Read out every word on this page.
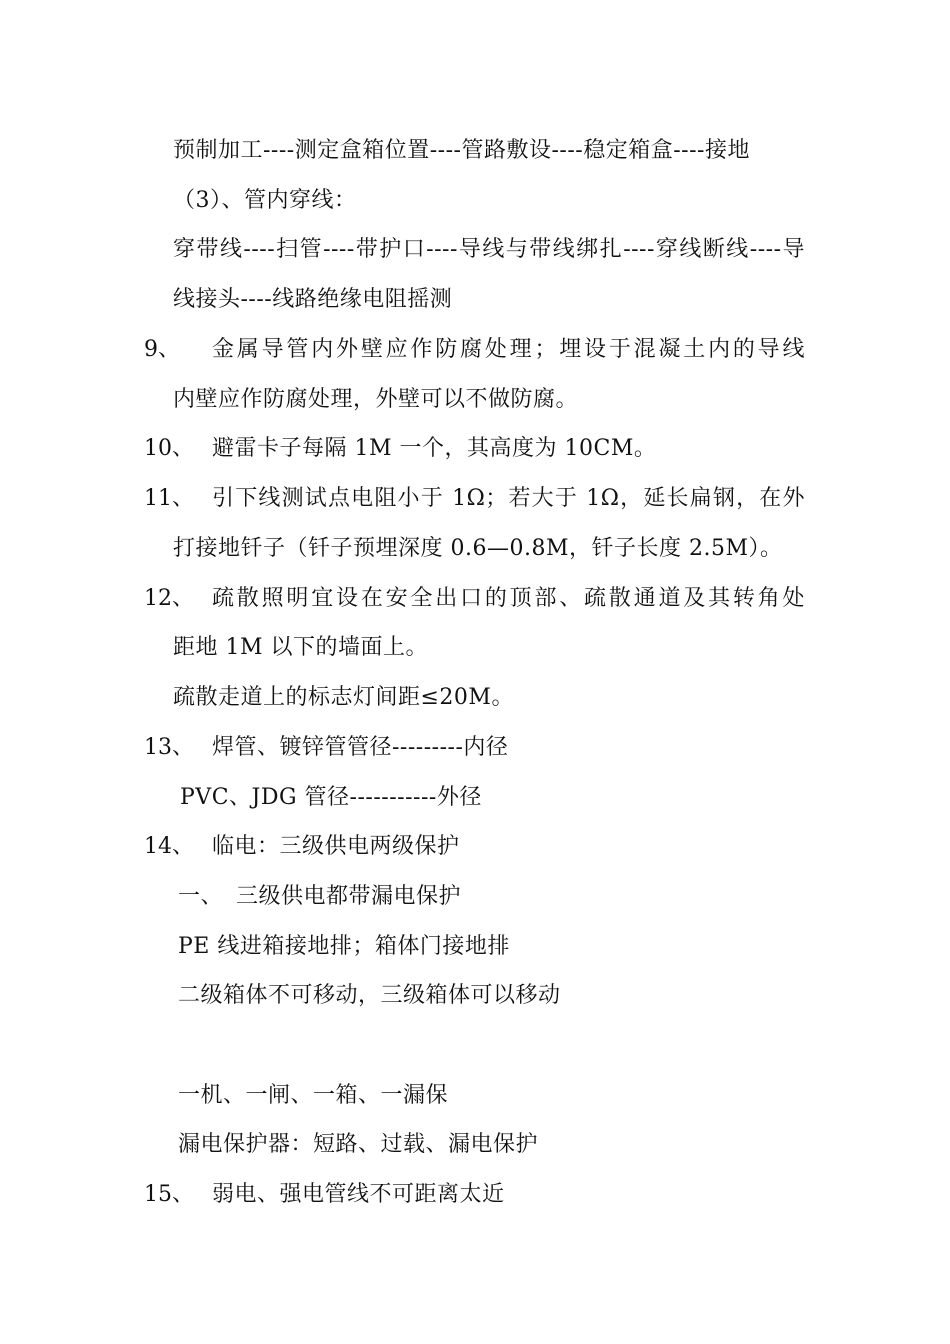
预制加工----测定盒箱位置----管路敷设----稳定箱盒----接地
（3）、管内穿线：
穿带线----扫管----带护口----导线与带线绑扎----穿线断线----导
线接头----线路绝缘电阻摇测
9、 金属导管内外壁应作防腐处理；埋设于混凝土内的导线
内壁应作防腐处理，外壁可以不做防腐。
10、 避雷卡子每隔 1M 一个，其高度为 10CM。
11、 引下线测试点电阻小于 1Ω；若大于 1Ω，延长扁钢，在外
打接地钎子（钎子预埋深度 0.6—0.8M，钎子长度 2.5M）。
12、 疏散照明宜设在安全出口的顶部、疏散通道及其转角处
距地 1M 以下的墙面上。
疏散走道上的标志灯间距≤20M。
13、 焊管、镀锌管管径---------内径
PVC、JDG 管径-----------外径
14、 临电：三级供电两级保护
一、 三级供电都带漏电保护
PE 线进箱接地排；箱体门接地排
二级箱体不可移动，三级箱体可以移动
一机、一闸、一箱、一漏保
漏电保护器：短路、过载、漏电保护
15、 弱电、强电管线不可距离太近
